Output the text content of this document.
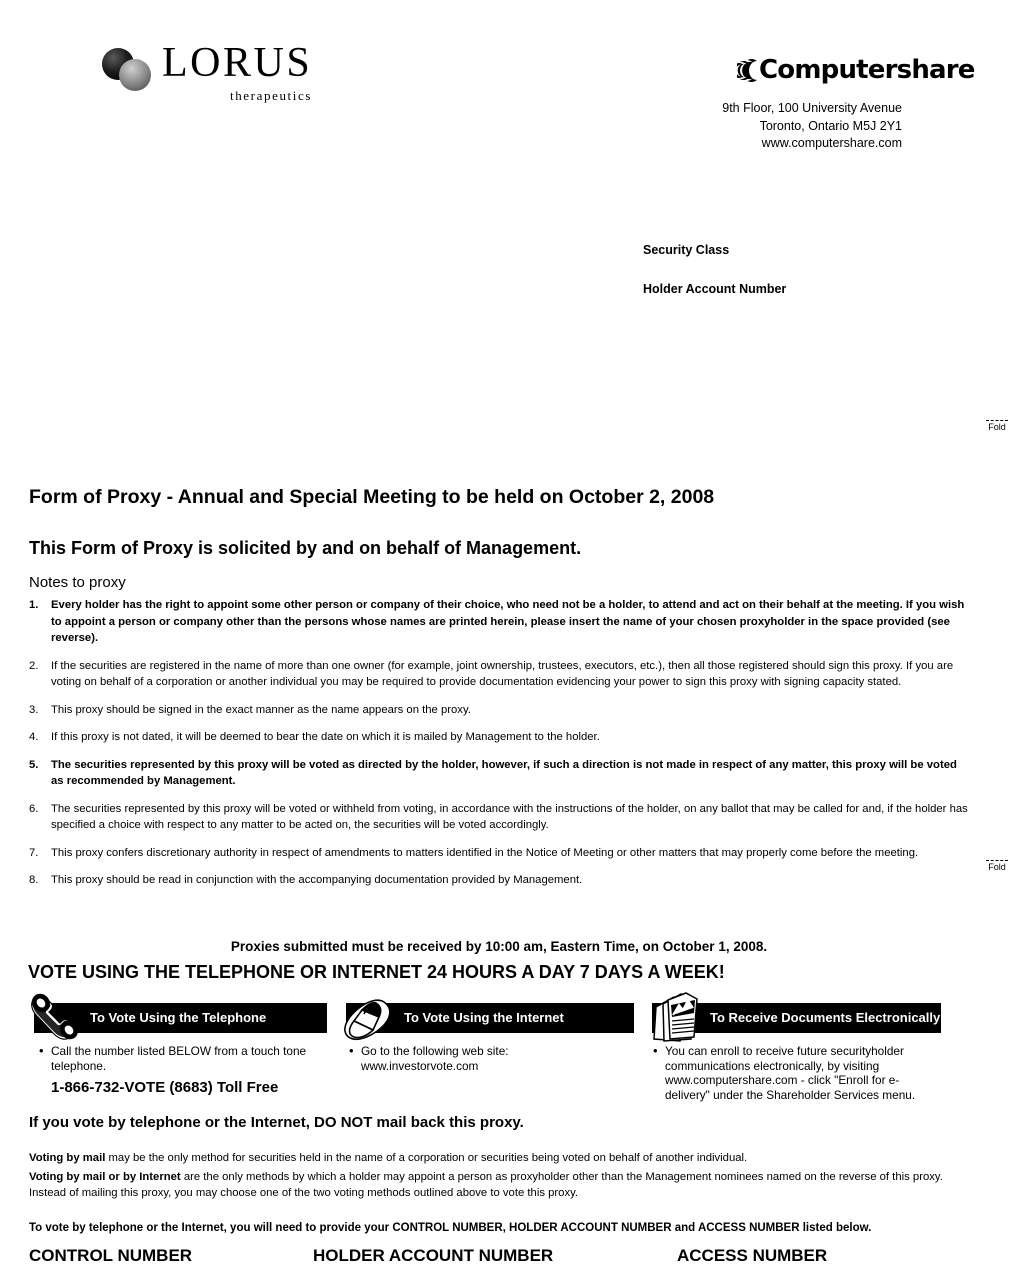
LORUS
therapeutics
Computershare
9th Floor, 100 University Avenue
Toronto, Ontario M5J 2Y1
www.computershare.com
Security Class
Holder Account Number
Fold
Fold
Form of Proxy - Annual and Special Meeting to be held on October 2, 2008
This Form of Proxy is solicited by and on behalf of Management.
Notes to proxy
1.	Every holder has the right to appoint some other person or company of their choice, who need not be a holder, to attend and act on their behalf at the meeting. If you wish to appoint a person or company other than the persons whose names are printed herein, please insert the name of your chosen proxyholder in the space provided (see reverse).
2.	If the securities are registered in the name of more than one owner (for example, joint ownership, trustees, executors, etc.), then all those registered should sign this proxy. If you are voting on behalf of a corporation or another individual you may be required to provide documentation evidencing your power to sign this proxy with signing capacity stated.
3.	This proxy should be signed in the exact manner as the name appears on the proxy.
4.	If this proxy is not dated, it will be deemed to bear the date on which it is mailed by Management to the holder.
5.	The securities represented by this proxy will be voted as directed by the holder, however, if such a direction is not made in respect of any matter, this proxy will be voted as recommended by Management.
6.	The securities represented by this proxy will be voted or withheld from voting, in accordance with the instructions of the holder, on any ballot that may be called for and, if the holder has specified a choice with respect to any matter to be acted on, the securities will be voted accordingly.
7.	This proxy confers discretionary authority in respect of amendments to matters identified in the Notice of Meeting or other matters that may properly come before the meeting.
8.	This proxy should be read in conjunction with the accompanying documentation provided by Management.
Proxies submitted must be received by 10:00 am, Eastern Time, on October 1, 2008.
VOTE USING THE TELEPHONE OR INTERNET 24 HOURS A DAY 7 DAYS A WEEK!
To Vote Using the Telephone	To Vote Using the Internet	To Receive Documents Electronically
• Call the number listed BELOW from a touch tone telephone.
1-866-732-VOTE (8683) Toll Free
• Go to the following web site:
www.investorvote.com
• You can enroll to receive future securityholder communications electronically, by visiting www.computershare.com - click "Enroll for e-delivery" under the Shareholder Services menu.
If you vote by telephone or the Internet, DO NOT mail back this proxy.

Voting by mail may be the only method for securities held in the name of a corporation or securities being voted on behalf of another individual.

Voting by mail or by Internet are the only methods by which a holder may appoint a person as proxyholder other than the Management nominees named on the reverse of this proxy. Instead of mailing this proxy, you may choose one of the two voting methods outlined above to vote this proxy.

To vote by telephone or the Internet, you will need to provide your CONTROL NUMBER, HOLDER ACCOUNT NUMBER and ACCESS NUMBER listed below.
CONTROL NUMBER	HOLDER ACCOUNT NUMBER	ACCESS NUMBER
